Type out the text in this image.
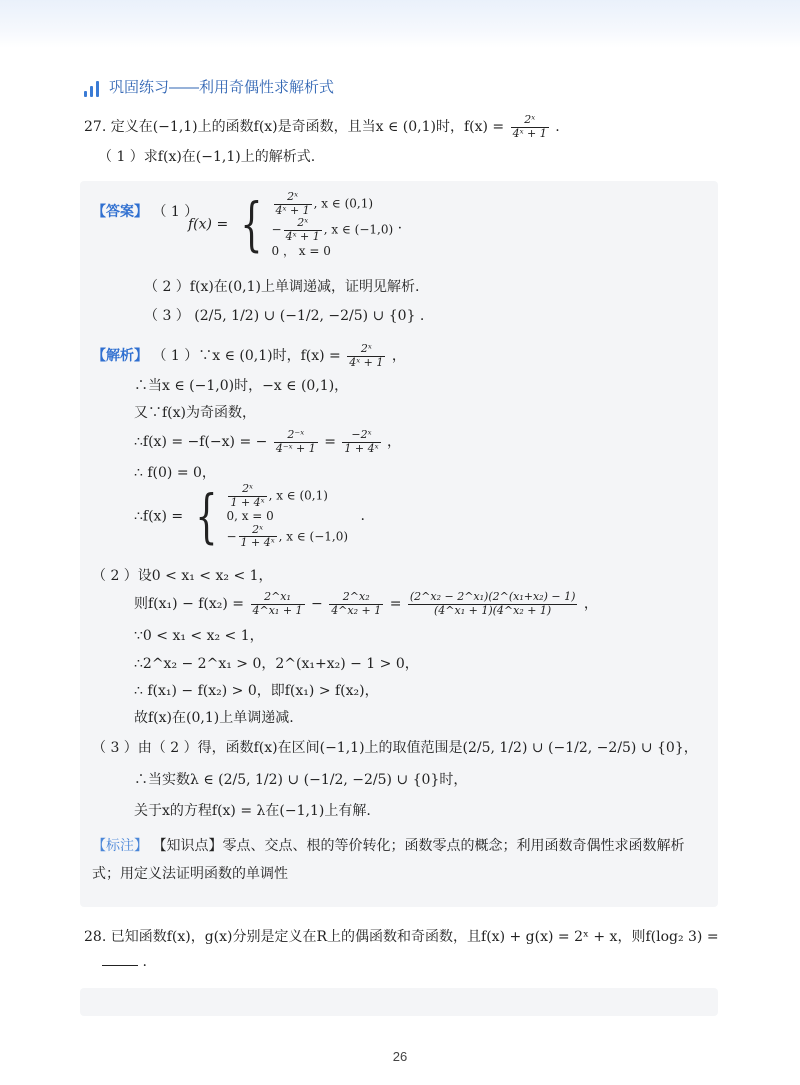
巩固练习——利用奇偶性求解析式
27. 定义在(−1,1)上的函数f(x)是奇函数，且当x ∈ (0,1)时，$f(x) = \frac{\text{2ˣ}}{\text{4ˣ + 1}}$ .
（ 1 ）求f(x)在(−1,1)上的解析式.
【答案】 （ 1 ）
f(x) = { $\frac{\text{2ˣ}}{\text{4ˣ + 1}}$ , x ∈ (0,1)
− $\frac{\text{2ˣ}}{\text{4ˣ + 1}}$ , x ∈ (−1,0)
0 ， x = 0
.
（ 2 ）f(x)在(0,1)上单调递减，证明见解析.
（ 3 ） (2/5, 1/2) ∪ (−1/2, −2/5) ∪ {0} .
【解析】 （ 1 ）∵x ∈ (0,1)时，$f(x) = \frac{\text{2ˣ}}{\text{4ˣ + 1}}$ ，
∴当x ∈ (−1,0)时，−x ∈ (0,1)，
又∵f(x)为奇函数，
∴f(x) = −f(−x) = − $\frac{\text{2⁻ˣ}}{\text{4⁻ˣ + 1}} = \frac{\text{−2ˣ}}{\text{1 + 4ˣ}}$ ，
∴ f(0) = 0，
∴f(x) = { $\frac{\text{2ˣ}}{\text{1 + 4ˣ}}$ , x ∈ (0,1)
0, x = 0
− $\frac{\text{2ˣ}}{\text{1 + 4ˣ}}$ , x ∈ (−1,0)
.
（ 2 ）设0 < x₁ < x₂ < 1，
则$f(x_1) - f(x_2) = \frac{\text{2\textasciicircum{}x₁}}{\text{4\textasciicircum{}x₁ + 1}} - \frac{\text{2\textasciicircum{}x₂}}{\text{4\textasciicircum{}x₂ + 1}} = \frac{\text{(2\textasciicircum{}x₂ − 2\textasciicircum{}x₁)(2\textasciicircum{}(x₁+x₂) − 1)}}{\text{(4\textasciicircum{}x₁ + 1)(4\textasciicircum{}x₂ + 1)}}$ ，
∵0 < x₁ < x₂ < 1，
∴2^x₂ − 2^x₁ > 0，2^(x₁+x₂) − 1 > 0，
∴ f(x₁) − f(x₂) > 0，即f(x₁) > f(x₂)，
故f(x)在(0,1)上单调递减.
（ 3 ）由（ 2 ）得，函数f(x)在区间(−1,1)上的取值范围是(2/5, 1/2) ∪ (−1/2, −2/5) ∪ {0}，
∴当实数λ ∈ (2/5, 1/2) ∪ (−1/2, −2/5) ∪ {0}时，
关于x的方程f(x) = λ在(−1,1)上有解.
【标注】 【知识点】零点、交点、根的等价转化；函数零点的概念；利用函数奇偶性求函数解析
式；用定义法证明函数的单调性
28. 已知函数f(x)，g(x)分别是定义在R上的偶函数和奇函数，且f(x) + g(x) = 2ˣ + x，则f(log₂ 3) =
.
26
